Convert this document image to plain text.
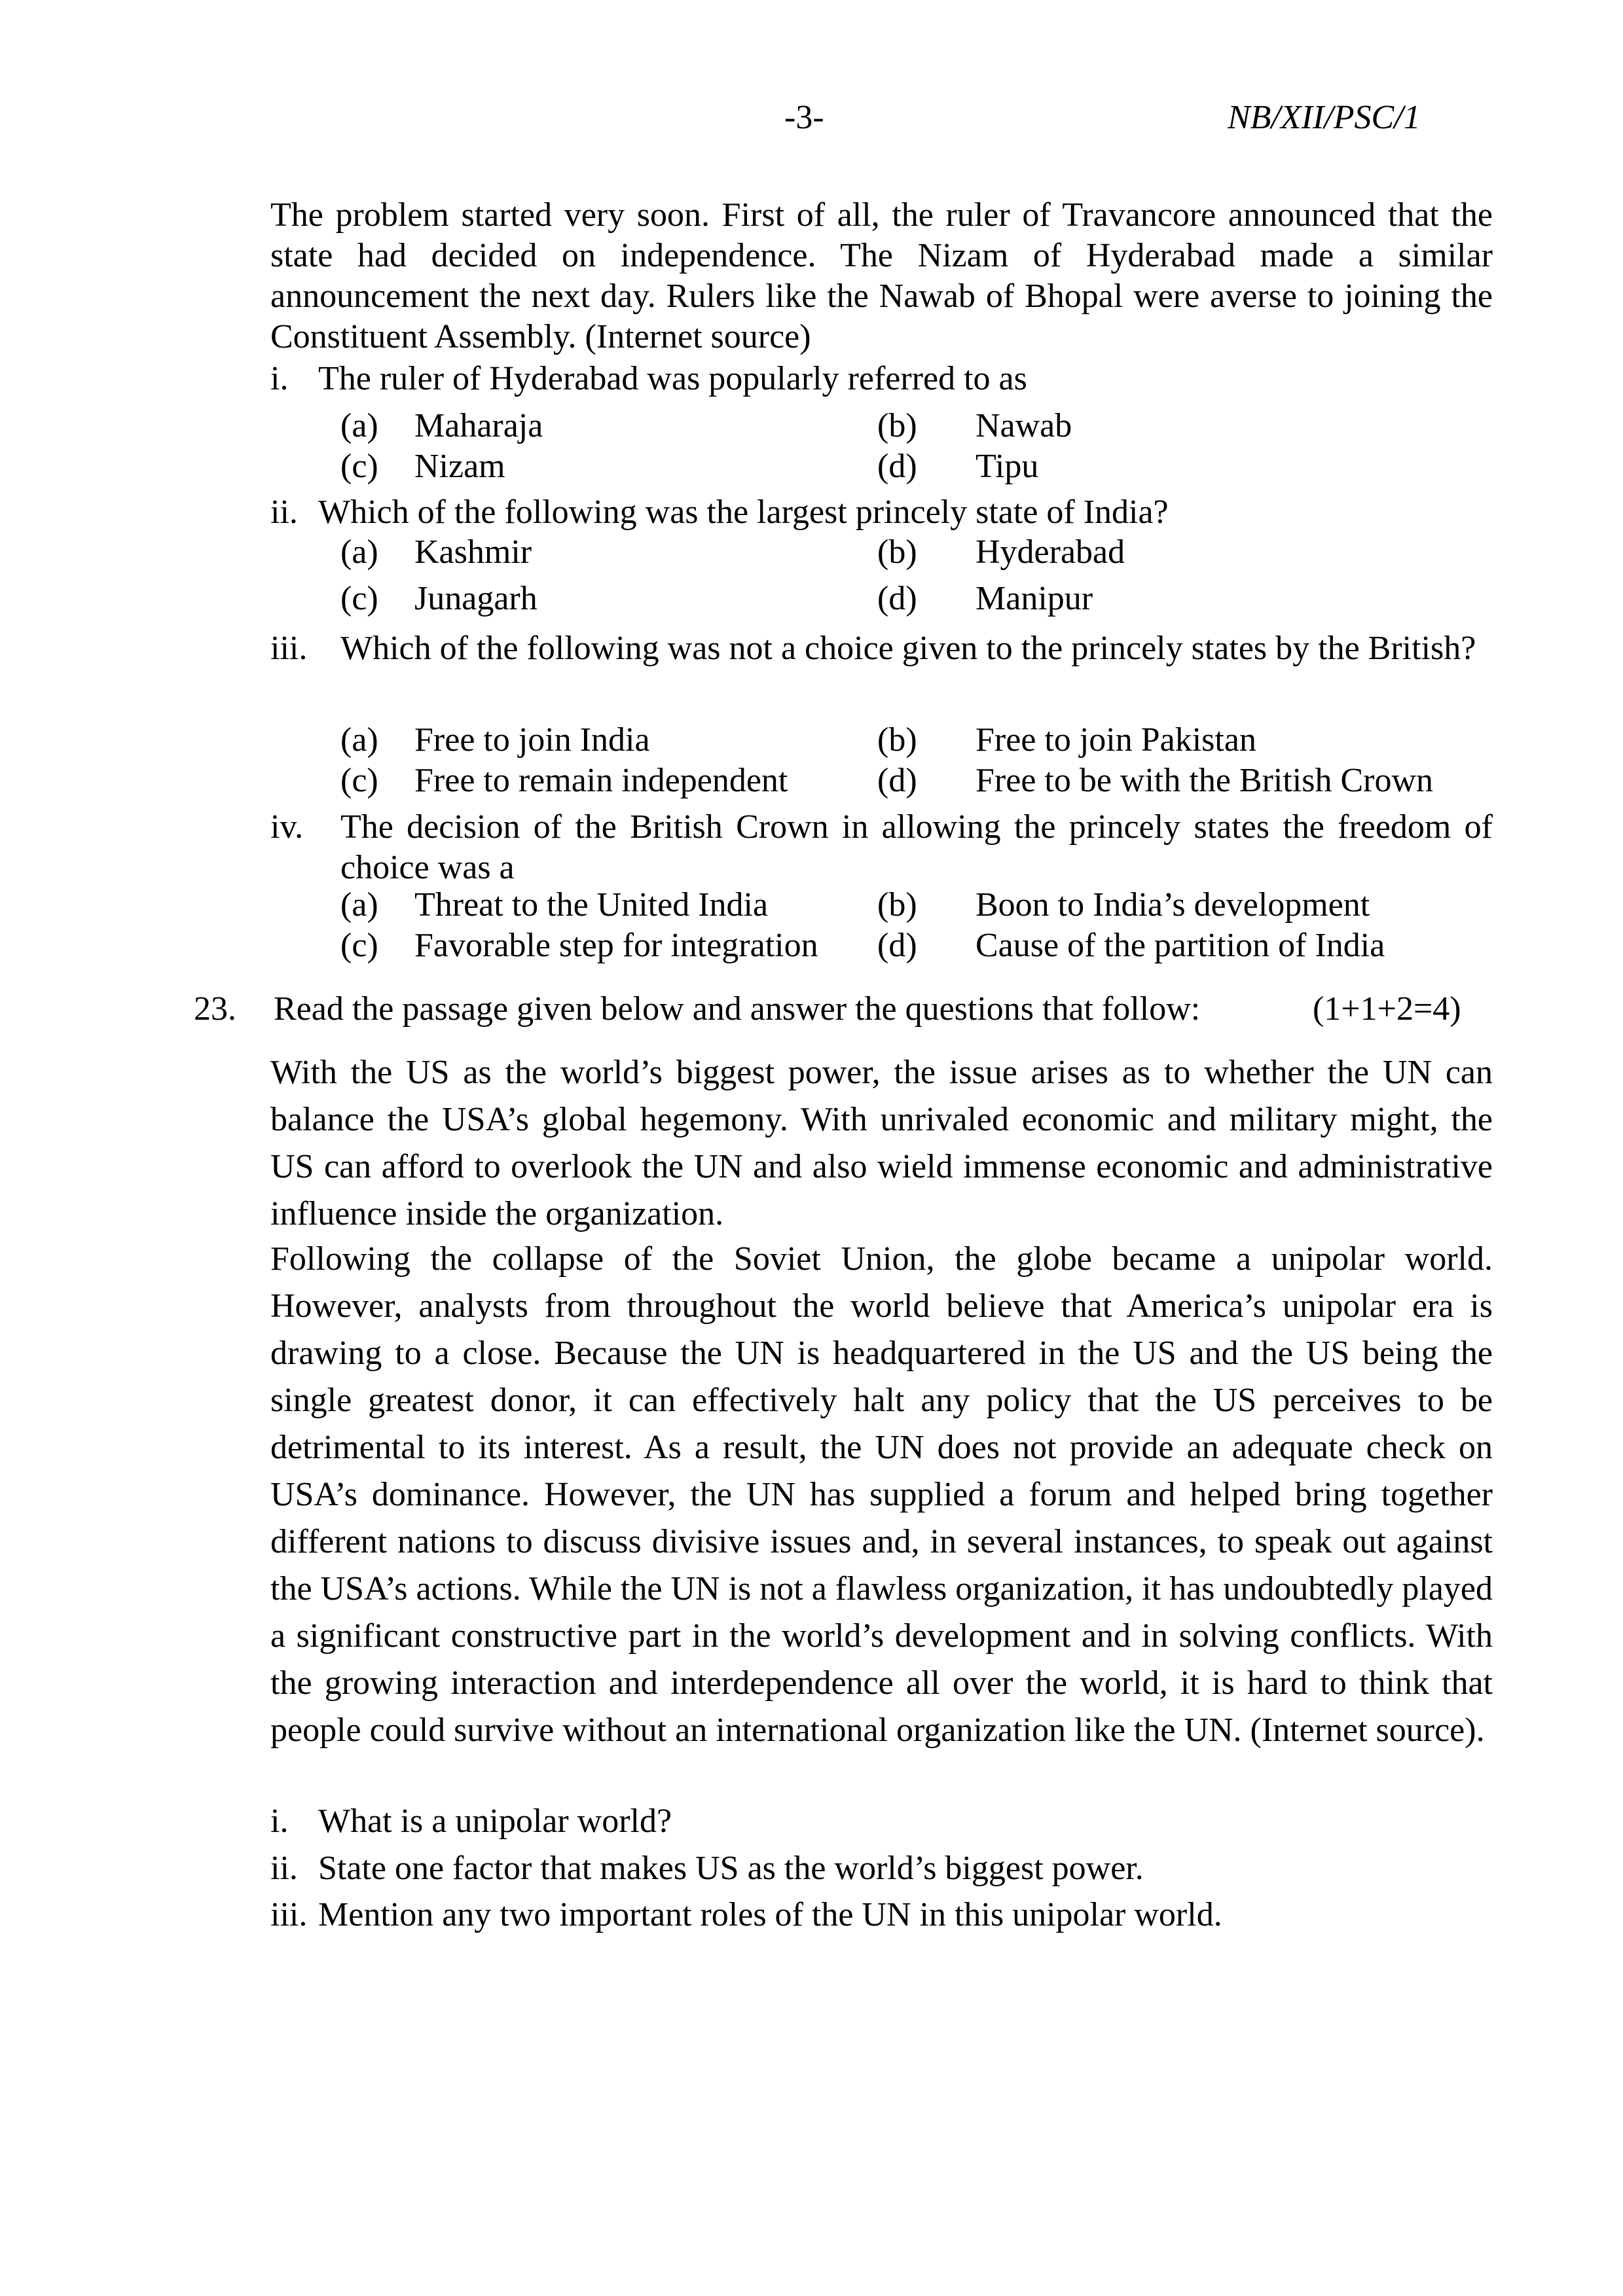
-3-	NB/XII/PSC/1
The problem started very soon. First of all, the ruler of Travancore announced that the state had decided on independence. The Nizam of Hyderabad made a similar announcement the next day. Rulers like the Nawab of Bhopal were averse to joining the Constituent Assembly. (Internet source)
i. The ruler of Hyderabad was popularly referred to as
(a) Maharaja	(b) Nawab
(c) Nizam	(d) Tipu
ii. Which of the following was the largest princely state of India?
(a) Kashmir	(b) Hyderabad
(c) Junagarh	(d) Manipur
iii. Which of the following was not a choice given to the princely states by the British?
(a) Free to join India	(b) Free to join Pakistan
(c) Free to remain independent	(d) Free to be with the British Crown
iv. The decision of the British Crown in allowing the princely states the freedom of choice was a
(a) Threat to the United India	(b) Boon to India’s development
(c) Favorable step for integration (d) Cause of the partition of India
23. Read the passage given below and answer the questions that follow:	(1+1+2=4)
With the US as the world’s biggest power, the issue arises as to whether the UN can balance the USA’s global hegemony. With unrivaled economic and military might, the US can afford to overlook the UN and also wield immense economic and administrative influence inside the organization.
Following the collapse of the Soviet Union, the globe became a unipolar world. However, analysts from throughout the world believe that America’s unipolar era is drawing to a close. Because the UN is headquartered in the US and the US being the single greatest donor, it can effectively halt any policy that the US perceives to be detrimental to its interest. As a result, the UN does not provide an adequate check on USA’s dominance. However, the UN has supplied a forum and helped bring together different nations to discuss divisive issues and, in several instances, to speak out against the USA’s actions. While the UN is not a flawless organization, it has undoubtedly played a significant constructive part in the world’s development and in solving conflicts. With the growing interaction and interdependence all over the world, it is hard to think that people could survive without an international organization like the UN. (Internet source).
i. What is a unipolar world?
ii. State one factor that makes US as the world’s biggest power.
iii. Mention any two important roles of the UN in this unipolar world.
